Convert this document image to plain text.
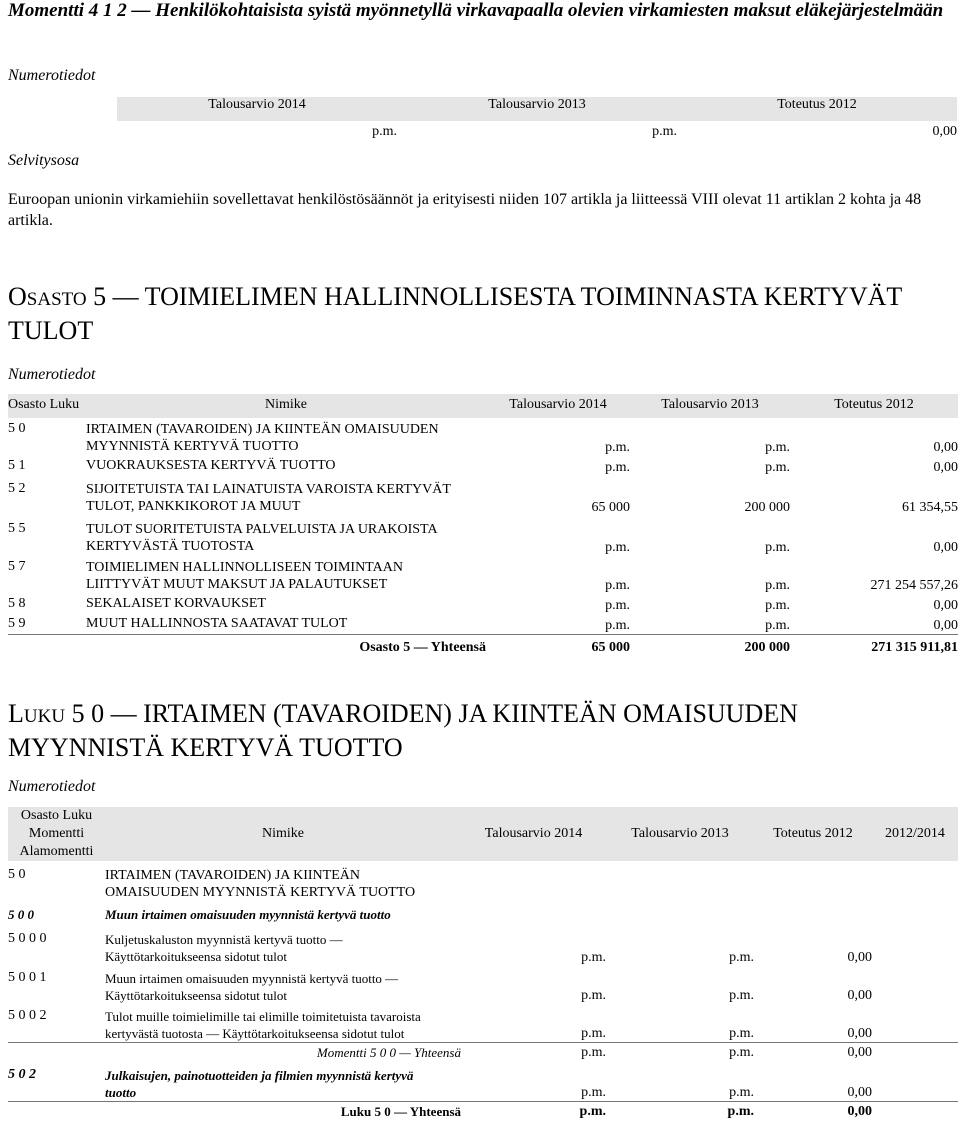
Momentti 4 1 2 — Henkilökohtaisista syistä myönnetyllä virkavapaalla olevien virkamiesten maksut eläkejärjestelmään
Numerotiedot
Talousarvio 2014	Talousarvio 2013	Toteutus 2012
p.m.	p.m.	0,00
Selvitysosa
Euroopan unionin virkamiehiin sovellettavat henkilöstösäännöt ja erityisesti niiden 107 artikla ja liitteessä VIII olevat 11 artiklan 2 kohta ja 48 artikla.
OSASTO 5 — TOIMIELIMEN HALLINNOLLISESTA TOIMINNASTA KERTYVÄT TULOT
Numerotiedot
Osasto Luku	Nimike	Talousarvio 2014	Talousarvio 2013	Toteutus 2012
5 0	IRTAIMEN (TAVAROIDEN) JA KIINTEÄN OMAISUUDEN
MYYNNISTÄ KERTYVÄ TUOTTO	p.m.	p.m.	0,00
5 1	VUOKRAUKSESTA KERTYVÄ TUOTTO	p.m.	p.m.	0,00
5 2	SIJOITETUISTA TAI LAINATUISTA VAROISTA KERTYVÄT
TULOT, PANKKIKOROT JA MUUT	65 000	200 000	61 354,55
5 5	TULOT SUORITETUISTA PALVELUISTA JA URAKOISTA
KERTYVÄSTÄ TUOTOSTA	p.m.	p.m.	0,00
5 7	TOIMIELIMEN HALLINNOLLISEEN TOIMINTAAN
LIITTYVÄT MUUT MAKSUT JA PALAUTUKSET	p.m.	p.m.	271 254 557,26
5 8	SEKALAISET KORVAUKSET	p.m.	p.m.	0,00
5 9	MUUT HALLINNOSTA SAATAVAT TULOT	p.m.	p.m.	0,00
	Osasto 5 — Yhteensä	65 000	200 000	271 315 911,81
LUKU 5 0 — IRTAIMEN (TAVAROIDEN) JA KIINTEÄN OMAISUUDEN MYYNNISTÄ KERTYVÄ TUOTTO
Numerotiedot
Osasto Luku
Momentti
Alamomentti	Nimike	Talousarvio 2014	Talousarvio 2013	Toteutus 2012	2012/2014
5 0	IRTAIMEN (TAVAROIDEN) JA KIINTEÄN
OMAISUUDEN MYYNNISTÄ KERTYVÄ TUOTTO				

5 0 0	Muun irtaimen omaisuuden myynnistä kertyvä tuotto				
5 0 0 0	Kuljetuskaluston myynnistä kertyvä tuotto —
Käyttötarkoitukseensa sidotut tulot	p.m.	p.m.	0,00	
5 0 0 1	Muun irtaimen omaisuuden myynnistä kertyvä tuotto —
Käyttötarkoitukseensa sidotut tulot	p.m.	p.m.	0,00	
5 0 0 2	Tulot muille toimielimille tai elimille toimitetuista tavaroista
kertyvästä tuotosta — Käyttötarkoitukseensa sidotut tulot	p.m.	p.m.	0,00	
	Momentti 5 0 0 — Yhteensä	p.m.	p.m.	0,00	
5 0 2	Julkaisujen, painotuotteiden ja filmien myynnistä kertyvä
tuotto	p.m.	p.m.	0,00	
	Luku 5 0 — Yhteensä	p.m.	p.m.	0,00	
